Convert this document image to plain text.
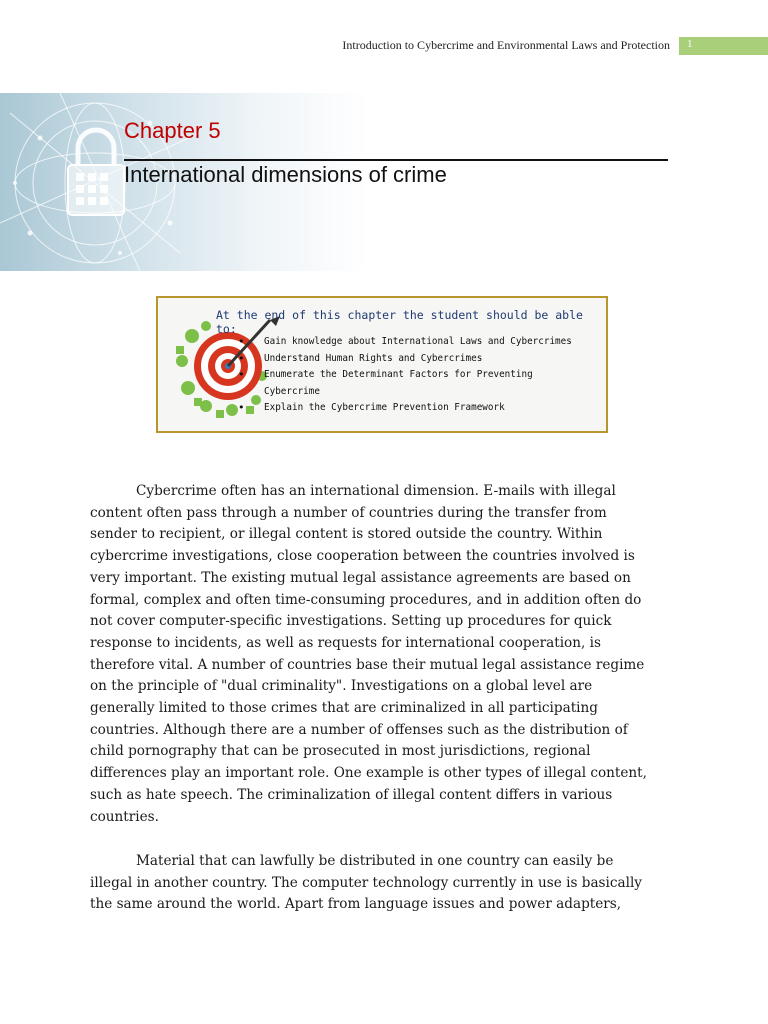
Introduction to Cybercrime and Environmental Laws and Protection 1
Chapter 5
International dimensions of crime
At the end of this chapter the student should be able to:
• Gain knowledge about International Laws and Cybercrimes
• Understand Human Rights and Cybercrimes
• Enumerate the Determinant Factors for Preventing
Cybercrime
• Explain the Cybercrime Prevention Framework
Cybercrime often has an international dimension. E-mails with illegal
content often pass through a number of countries during the transfer from
sender to recipient, or illegal content is stored outside the country. Within
cybercrime investigations, close cooperation between the countries involved is
very important. The existing mutual legal assistance agreements are based on
formal, complex and often time-consuming procedures, and in addition often do
not cover computer-specific investigations. Setting up procedures for quick
response to incidents, as well as requests for international cooperation, is
therefore vital. A number of countries base their mutual legal assistance regime
on the principle of "dual criminality". Investigations on a global level are
generally limited to those crimes that are criminalized in all participating
countries. Although there are a number of offenses such as the distribution of
child pornography that can be prosecuted in most jurisdictions, regional
differences play an important role. One example is other types of illegal content,
such as hate speech. The criminalization of illegal content differs in various
countries.
Material that can lawfully be distributed in one country can easily be
illegal in another country. The computer technology currently in use is basically
the same around the world. Apart from language issues and power adapters,
